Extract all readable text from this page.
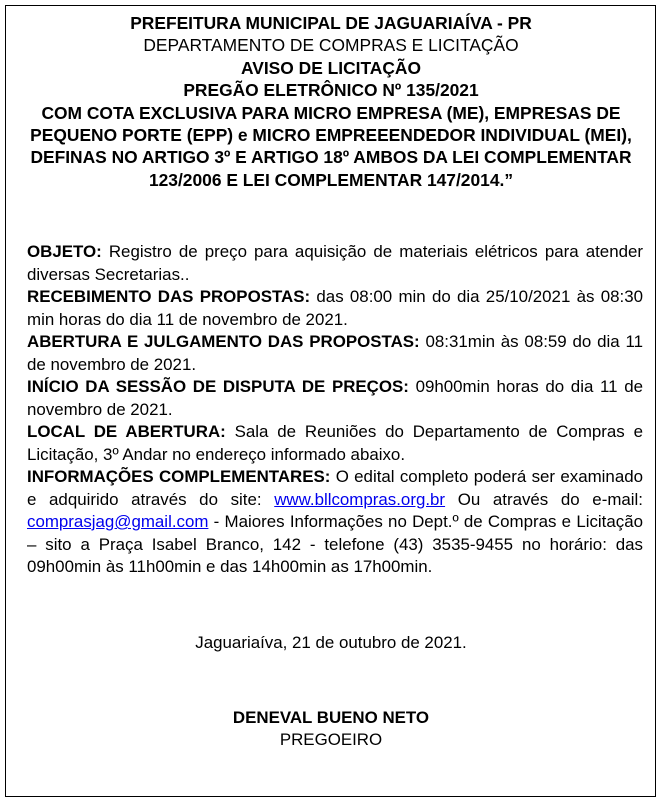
PREFEITURA MUNICIPAL DE JAGUARIAÍVA - PR
DEPARTAMENTO DE COMPRAS E LICITAÇÃO
AVISO DE LICITAÇÃO
PREGÃO ELETRÔNICO Nº 135/2021
COM COTA EXCLUSIVA PARA MICRO EMPRESA (ME), EMPRESAS DE PEQUENO PORTE (EPP) e MICRO EMPREEENDEDOR INDIVIDUAL (MEI), DEFINAS NO ARTIGO 3º E ARTIGO 18º AMBOS DA LEI COMPLEMENTAR 123/2006 E LEI COMPLEMENTAR 147/2014.”

OBJETO: Registro de preço para aquisição de materiais elétricos para atender diversas Secretarias..

RECEBIMENTO DAS PROPOSTAS: das 08:00 min do dia 25/10/2021 às 08:30 min horas do dia 11 de novembro de 2021.

ABERTURA E JULGAMENTO DAS PROPOSTAS: 08:31min às 08:59 do dia 11 de novembro de 2021.

INÍCIO DA SESSÃO DE DISPUTA DE PREÇOS: 09h00min horas do dia 11 de novembro de 2021.

LOCAL DE ABERTURA: Sala de Reuniões do Departamento de Compras e Licitação, 3º Andar no endereço informado abaixo.

INFORMAÇÕES COMPLEMENTARES: O edital completo poderá ser examinado e adquirido através do site: www.bllcompras.org.br Ou através do e-mail: comprasjag@gmail.com - Maiores Informações no Dept.º de Compras e Licitação – sito a Praça Isabel Branco, 142 - telefone (43) 3535-9455 no horário: das 09h00min às 11h00min e das 14h00min as 17h00min.

Jaguariaíva, 21 de outubro de 2021.
DENEVAL BUENO NETO
PREGOEIRO
